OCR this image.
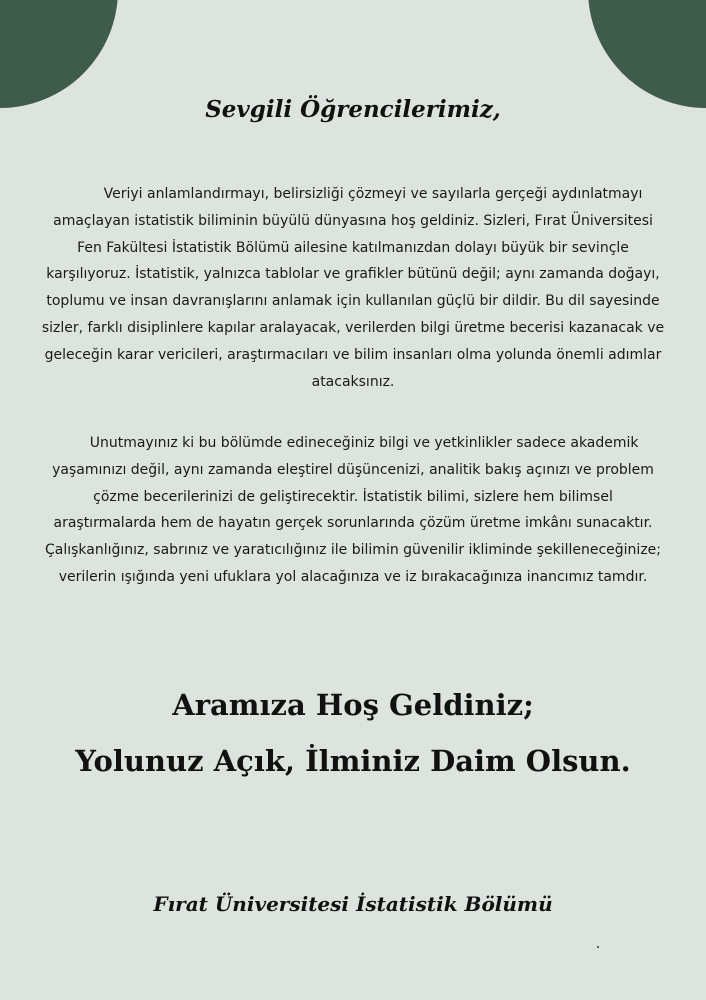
Sevgili Öğrencilerimiz,

Veriyi anlamlandırmayı, belirsizliği çözmeyi ve sayılarla gerçeği aydınlatmayı amaçlayan istatistik biliminin büyülü dünyasına hoş geldiniz. Sizleri, Fırat Üniversitesi Fen Fakültesi İstatistik Bölümü ailesine katılmanızdan dolayı büyük bir sevinçle karşılıyoruz. İstatistik, yalnızca tablolar ve grafikler bütünü değil; aynı zamanda doğayı, toplumu ve insan davranışlarını anlamak için kullanılan güçlü bir dildir. Bu dil sayesinde sizler, farklı disiplinlere kapılar aralayacak, verilerden bilgi üretme becerisi kazanacak ve geleceğin karar vericileri, araştırmacıları ve bilim insanları olma yolunda önemli adımlar atacaksınız.

Unutmayınız ki bu bölümde edineceğiniz bilgi ve yetkinlikler sadece akademik yaşamınızı değil, aynı zamanda eleştirel düşüncenizi, analitik bakış açınızı ve problem çözme becerilerinizi de geliştirecektir. İstatistik bilimi, sizlere hem bilimsel araştırmalarda hem de hayatın gerçek sorunlarında çözüm üretme imkânı sunacaktır. Çalışkanlığınız, sabrınız ve yaratıcılığınız ile bilimin güvenilir ikliminde şekilleneceğinize; verilerin ışığında yeni ufuklara yol alacağınıza ve iz bırakacağınıza inancımız tamdır.

Aramıza Hoş Geldiniz;
Yolunuz Açık, İlminiz Daim Olsun.

Fırat Üniversitesi İstatistik Bölümü
